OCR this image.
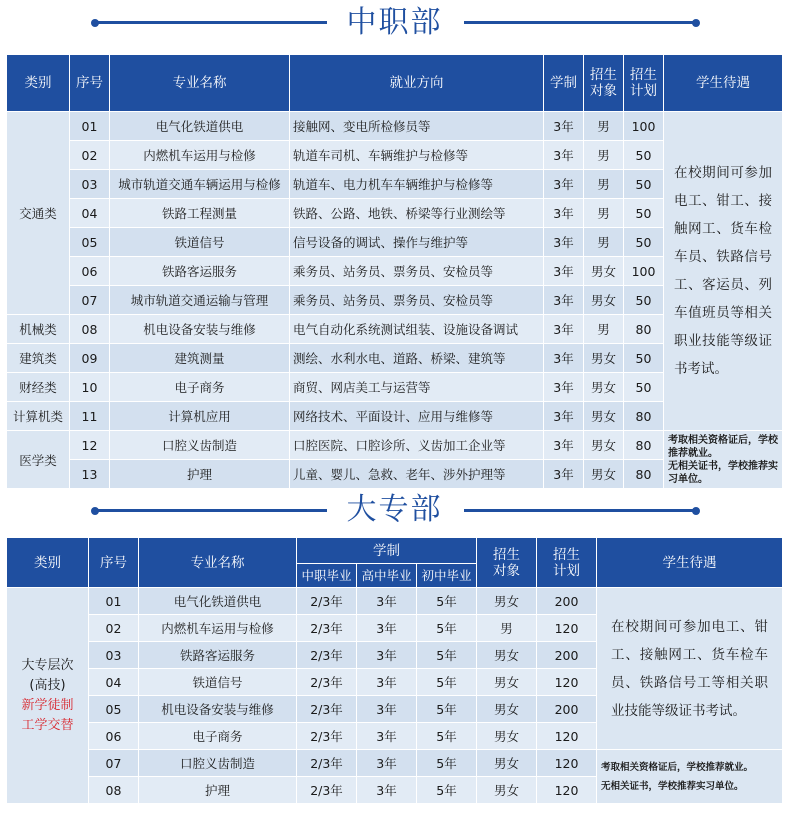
中职部
类别	序号	专业名称	就业方向	学制	招生对象	招生计划	学生待遇
交通类	01	电气化铁道供电	接触网、变电所检修员等	3年	男	100	在校期间可参加电工、钳工、接触网工、货车检车员、铁路信号工、客运员、列车值班员等相关职业技能等级证书考试。
	02	内燃机车运用与检修	轨道车司机、车辆维护与检修等	3年	男	50	
	03	城市轨道交通车辆运用与检修	轨道车、电力机车车辆维护与检修等	3年	男	50	
	04	铁路工程测量	铁路、公路、地铁、桥梁等行业测绘等	3年	男	50	
	05	铁道信号	信号设备的调试、操作与维护等	3年	男	50	
	06	铁路客运服务	乘务员、站务员、票务员、安检员等	3年	男女	100	
	07	城市轨道交通运输与管理	乘务员、站务员、票务员、安检员等	3年	男女	50	
机械类	08	机电设备安装与维修	电气自动化系统测试组装、设施设备调试	3年	男	80	
建筑类	09	建筑测量	测绘、水利水电、道路、桥梁、建筑等	3年	男女	50	
财经类	10	电子商务	商贸、网店美工与运营等	3年	男女	50	
计算机类	11	计算机应用	网络技术、平面设计、应用与维修等	3年	男女	80	
医学类	12	口腔义齿制造	口腔医院、口腔诊所、义齿加工企业等	3年	男女	80	考取相关资格证后，学校推荐就业。
无相关证书，学校推荐实习单位。

	13	护理	儿童、婴儿、急救、老年、涉外护理等	3年	男女	80	
大专部
类别	序号	专业名称	学制			招生对象	招生计划	学生待遇
			中职毕业	高中毕业	初中毕业			

大专层次
(高技)
新学徒制
工学交替	01	电气化铁道供电	2/3年	3年	5年	男女	200	在校期间可参加电工、钳工、接触网工、货车检车员、铁路信号工等相关职业技能等级证书考试。
	02	内燃机车运用与检修	2/3年	3年	5年	男	120	
	03	铁路客运服务	2/3年	3年	5年	男女	200	
	04	铁道信号	2/3年	3年	5年	男女	120	
	05	机电设备安装与维修	2/3年	3年	5年	男女	200	
	06	电子商务	2/3年	3年	5年	男女	120	
	07	口腔义齿制造	2/3年	3年	5年	男女	120	考取相关资格证后，学校推荐就业。
无相关证书，学校推荐实习单位。

	08	护理	2/3年	3年	5年	男女	120	
